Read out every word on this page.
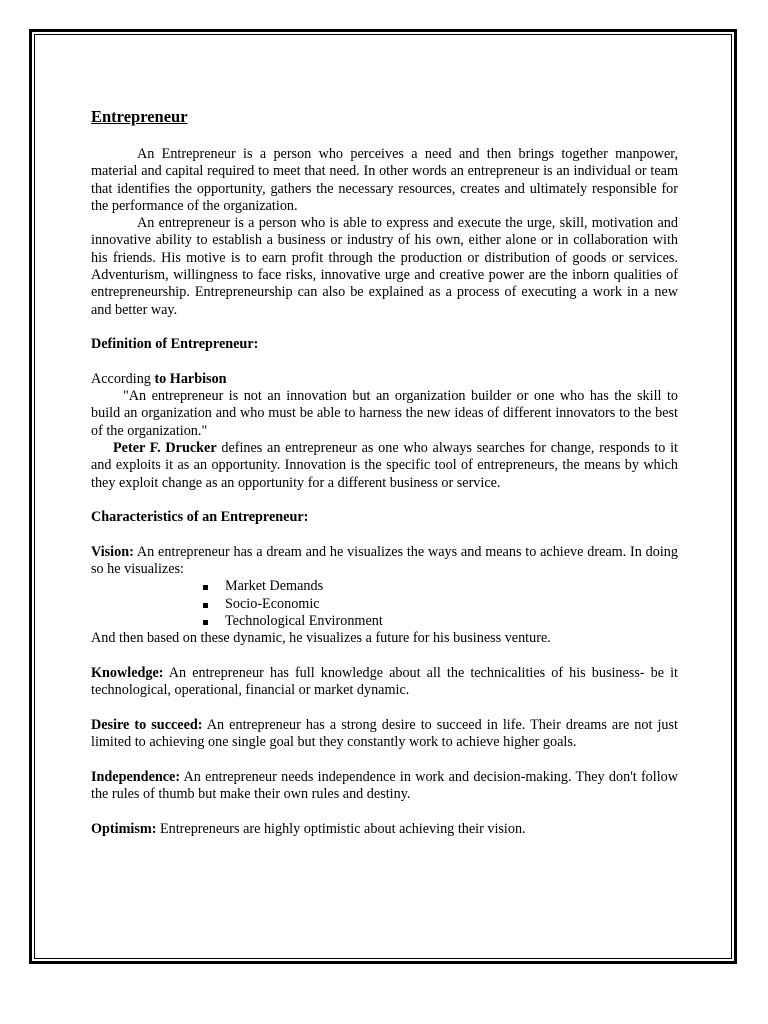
Entrepreneur

An Entrepreneur is a person who perceives a need and then brings together manpower, material and capital required to meet that need. In other words an entrepreneur is an individual or team that identifies the opportunity, gathers the necessary resources, creates and ultimately responsible for the performance of the organization.

An entrepreneur is a person who is able to express and execute the urge, skill, motivation and innovative ability to establish a business or industry of his own, either alone or in collaboration with his friends. His motive is to earn profit through the production or distribution of goods or services. Adventurism, willingness to face risks, innovative urge and creative power are the inborn qualities of entrepreneurship. Entrepreneurship can also be explained as a process of executing a work in a new and better way.

Definition of Entrepreneur:

According to Harbison

"An entrepreneur is not an innovation but an organization builder or one who has the skill to build an organization and who must be able to harness the new ideas of different innovators to the best of the organization."

Peter F. Drucker defines an entrepreneur as one who always searches for change, responds to it and exploits it as an opportunity. Innovation is the specific tool of entrepreneurs, the means by which they exploit change as an opportunity for a different business or service.

Characteristics of an Entrepreneur:

Vision: An entrepreneur has a dream and he visualizes the ways and means to achieve dream. In doing so he visualizes:

Market Demands
Socio-Economic
Technological Environment

And then based on these dynamic, he visualizes a future for his business venture.

Knowledge: An entrepreneur has full knowledge about all the technicalities of his business- be it technological, operational, financial or market dynamic.

Desire to succeed: An entrepreneur has a strong desire to succeed in life. Their dreams are not just limited to achieving one single goal but they constantly work to achieve higher goals.

Independence: An entrepreneur needs independence in work and decision-making. They don't follow the rules of thumb but make their own rules and destiny.

Optimism: Entrepreneurs are highly optimistic about achieving their vision.
